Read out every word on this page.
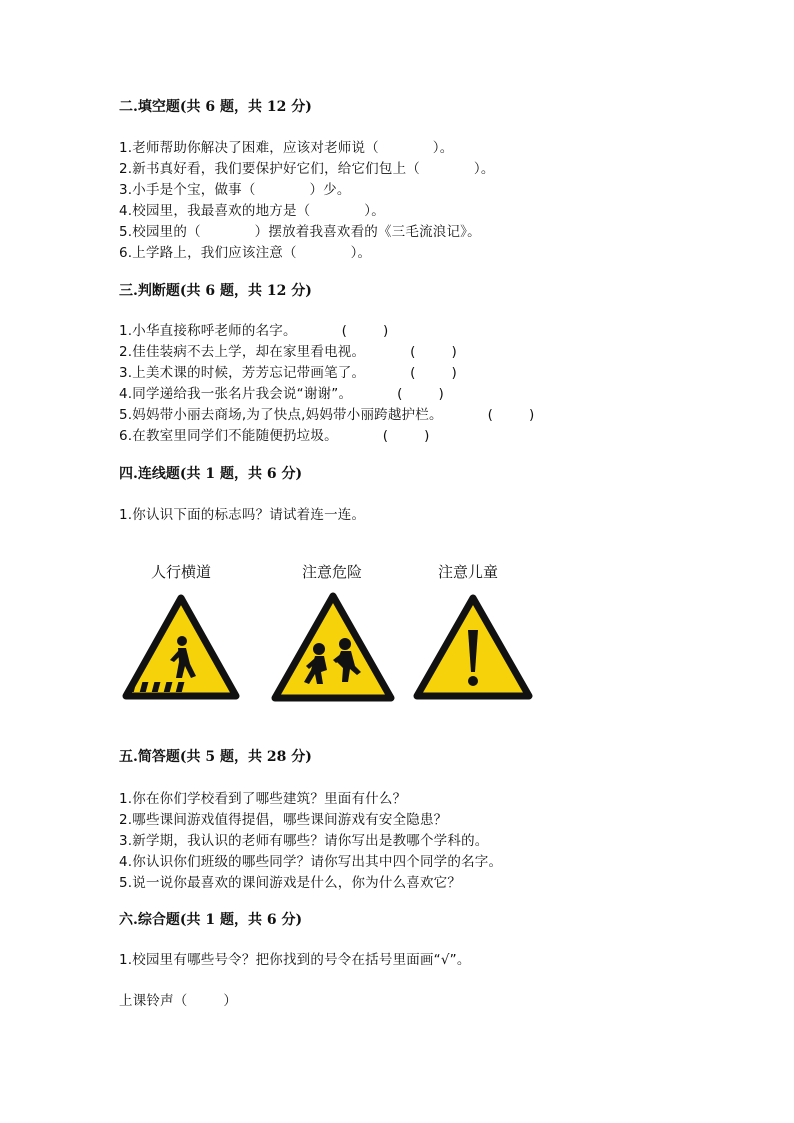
二.填空题(共 6 题，共 12 分)
1.老师帮助你解决了困难，应该对老师说（            ）。
2.新书真好看，我们要保护好它们，给它们包上（            ）。
3.小手是个宝，做事（            ）少。
4.校园里，我最喜欢的地方是（            ）。
5.校园里的（            ）摆放着我喜欢看的《三毛流浪记》。
6.上学路上，我们应该注意（            ）。
三.判断题(共 6 题，共 12 分)
1.小华直接称呼老师的名字。          (        )
2.佳佳装病不去上学，却在家里看电视。          (        )
3.上美术课的时候，芳芳忘记带画笔了。          (        )
4.同学递给我一张名片我会说“谢谢”。          (        )
5.妈妈带小丽去商场,为了快点,妈妈带小丽跨越护栏。          (        )
6.在教室里同学们不能随便扔垃圾。          (        )
四.连线题(共 1 题，共 6 分)
1.你认识下面的标志吗？请试着连一连。
人行横道	注意危险	注意儿童
五.简答题(共 5 题，共 28 分)
1.你在你们学校看到了哪些建筑？里面有什么？
2.哪些课间游戏值得提倡，哪些课间游戏有安全隐患？
3.新学期，我认识的老师有哪些？请你写出是教哪个学科的。
4.你认识你们班级的哪些同学？请你写出其中四个同学的名字。
5.说一说你最喜欢的课间游戏是什么，你为什么喜欢它？
六.综合题(共 1 题，共 6 分)
1.校园里有哪些号令？把你找到的号令在括号里面画“√”。
上课铃声（        ）
